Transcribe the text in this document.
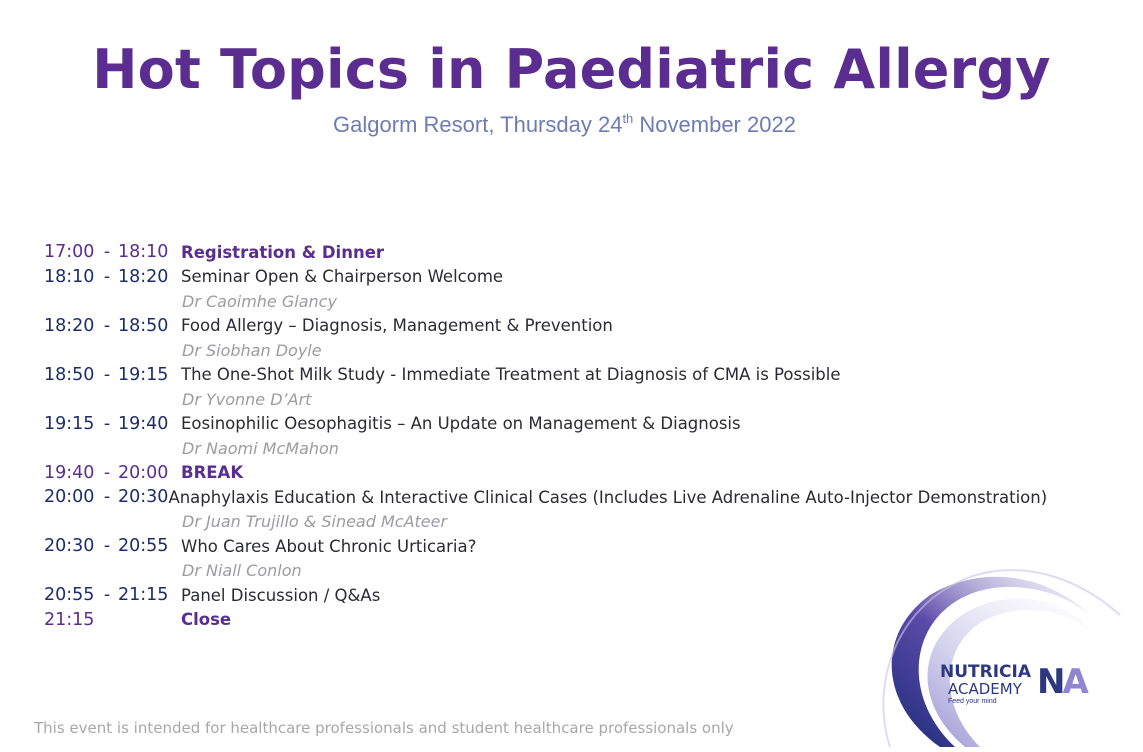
Hot Topics in Paediatric Allergy
Galgorm Resort, Thursday 24th November 2022
17:00 - 18:10 Registration & Dinner
18:10 - 18:20 Seminar Open & Chairperson Welcome
Dr Caoimhe Glancy
18:20 - 18:50 Food Allergy – Diagnosis, Management & Prevention
Dr Siobhan Doyle
18:50 - 19:15 The One-Shot Milk Study - Immediate Treatment at Diagnosis of CMA is Possible
Dr Yvonne D’Art
19:15 - 19:40 Eosinophilic Oesophagitis – An Update on Management & Diagnosis
Dr Naomi McMahon
19:40 - 20:00 BREAK
20:00 - 20:30 Anaphylaxis Education & Interactive Clinical Cases (Includes Live Adrenaline Auto-Injector Demonstration)
Dr Juan Trujillo & Sinead McAteer
20:30 - 20:55 Who Cares About Chronic Urticaria?
Dr Niall Conlon
20:55 - 21:15 Panel Discussion / Q&As
21:15	Close
This event is intended for healthcare professionals and student healthcare professionals only
NUTRICIA
ACADEMY
Feed your mind	NA
